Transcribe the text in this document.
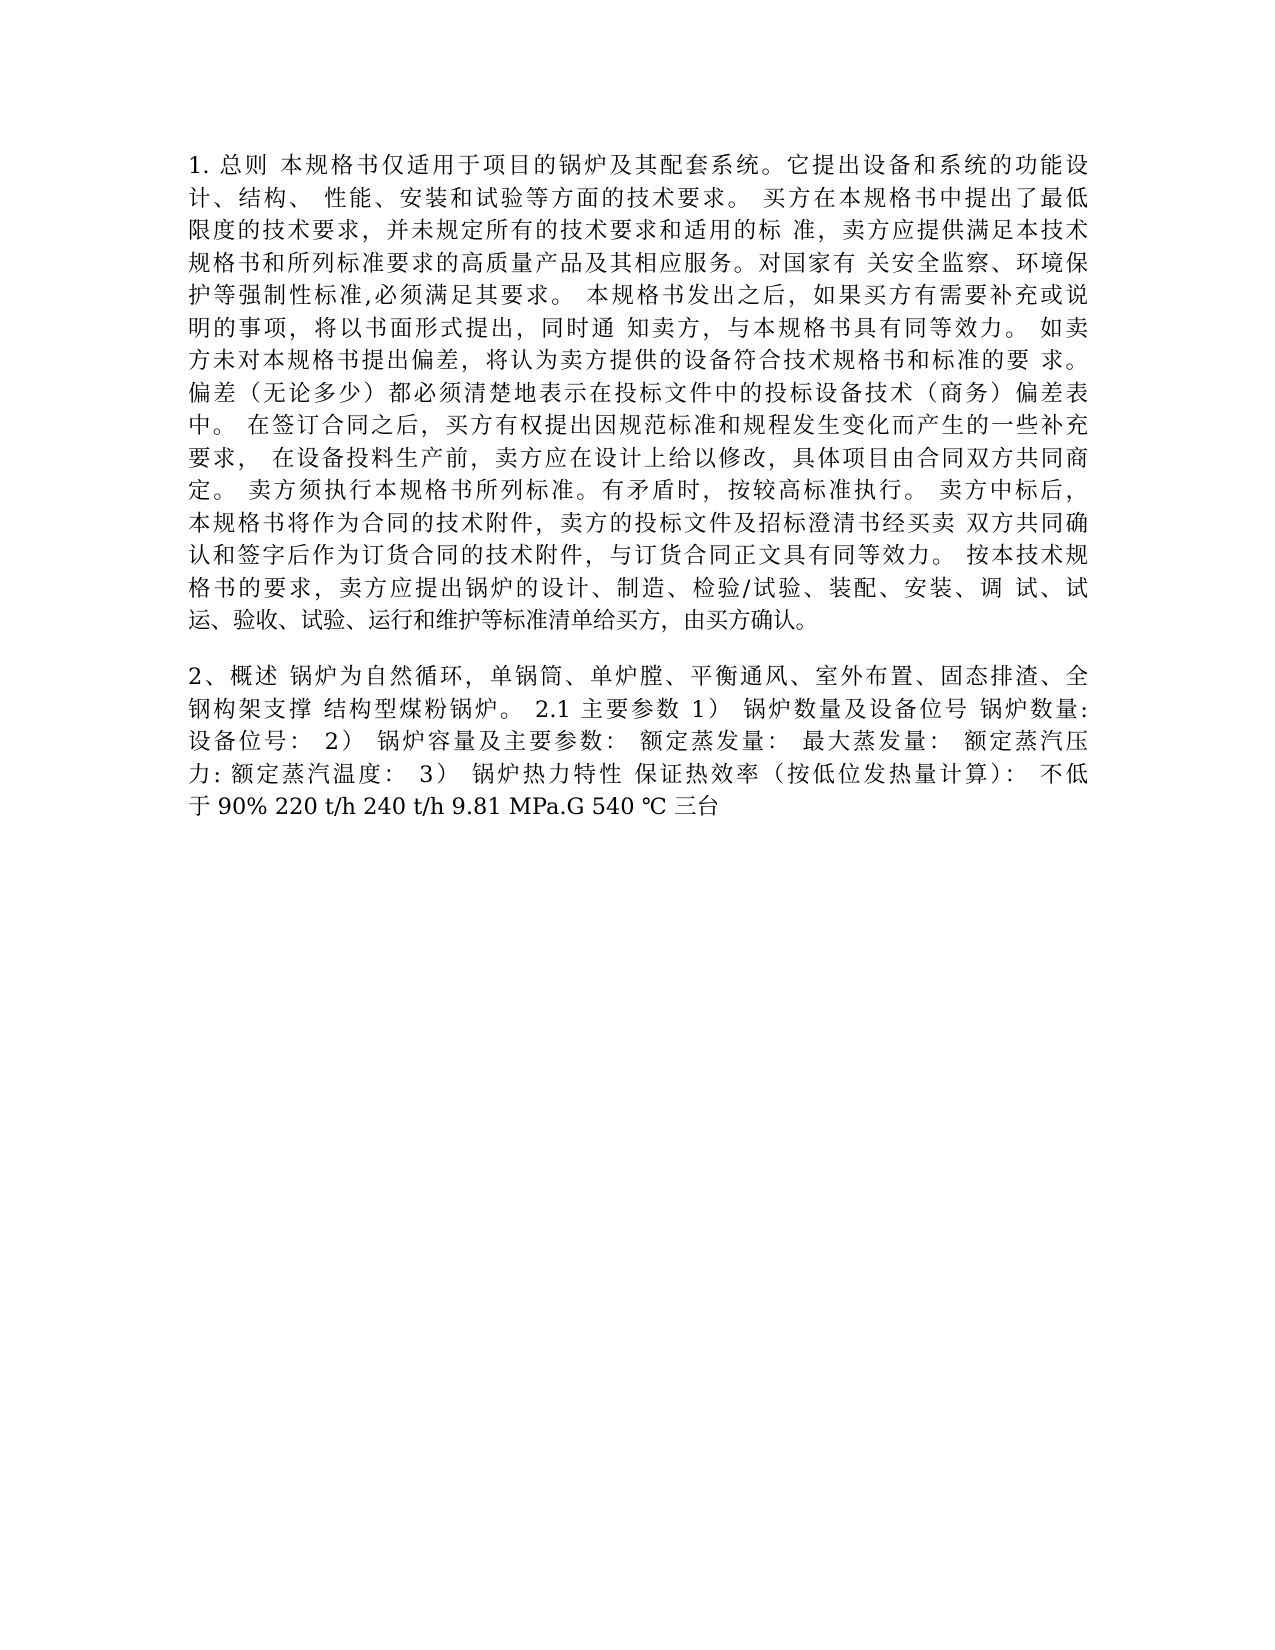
1. 总则 本规格书仅适用于项目的锅炉及其配套系统。它提出设备和系统的功能设
计、结构、 性能、安装和试验等方面的技术要求。 买方在本规格书中提出了最低
限度的技术要求，并未规定所有的技术要求和适用的标 准，卖方应提供满足本技术
规格书和所列标准要求的高质量产品及其相应服务。对国家有 关安全监察、环境保
护等强制性标准,必须满足其要求。 本规格书发出之后，如果买方有需要补充或说
明的事项，将以书面形式提出，同时通 知卖方，与本规格书具有同等效力。 如卖
方未对本规格书提出偏差，将认为卖方提供的设备符合技术规格书和标准的要 求。
偏差（无论多少）都必须清楚地表示在投标文件中的投标设备技术（商务）偏差表
中。 在签订合同之后，买方有权提出因规范标准和规程发生变化而产生的一些补充
要求， 在设备投料生产前，卖方应在设计上给以修改，具体项目由合同双方共同商
定。 卖方须执行本规格书所列标准。有矛盾时，按较高标准执行。 卖方中标后，
本规格书将作为合同的技术附件，卖方的投标文件及招标澄清书经买卖 双方共同确
认和签字后作为订货合同的技术附件，与订货合同正文具有同等效力。 按本技术规
格书的要求，卖方应提出锅炉的设计、制造、检验/试验、装配、安装、调 试、试
运、验收、试验、运行和维护等标准清单给买方，由买方确认。
2、概述 锅炉为自然循环，单锅筒、单炉膛、平衡通风、室外布置、固态排渣、全
钢构架支撑 结构型煤粉锅炉。 2.1 主要参数 1） 锅炉数量及设备位号 锅炉数量:
设备位号： 2） 锅炉容量及主要参数： 额定蒸发量： 最大蒸发量： 额定蒸汽压
力: 额定蒸汽温度： 3） 锅炉热力特性 保证热效率（按低位发热量计算）： 不低
于 90% 220 t/h 240 t/h 9.81 MPa.G 540 ℃ 三台
